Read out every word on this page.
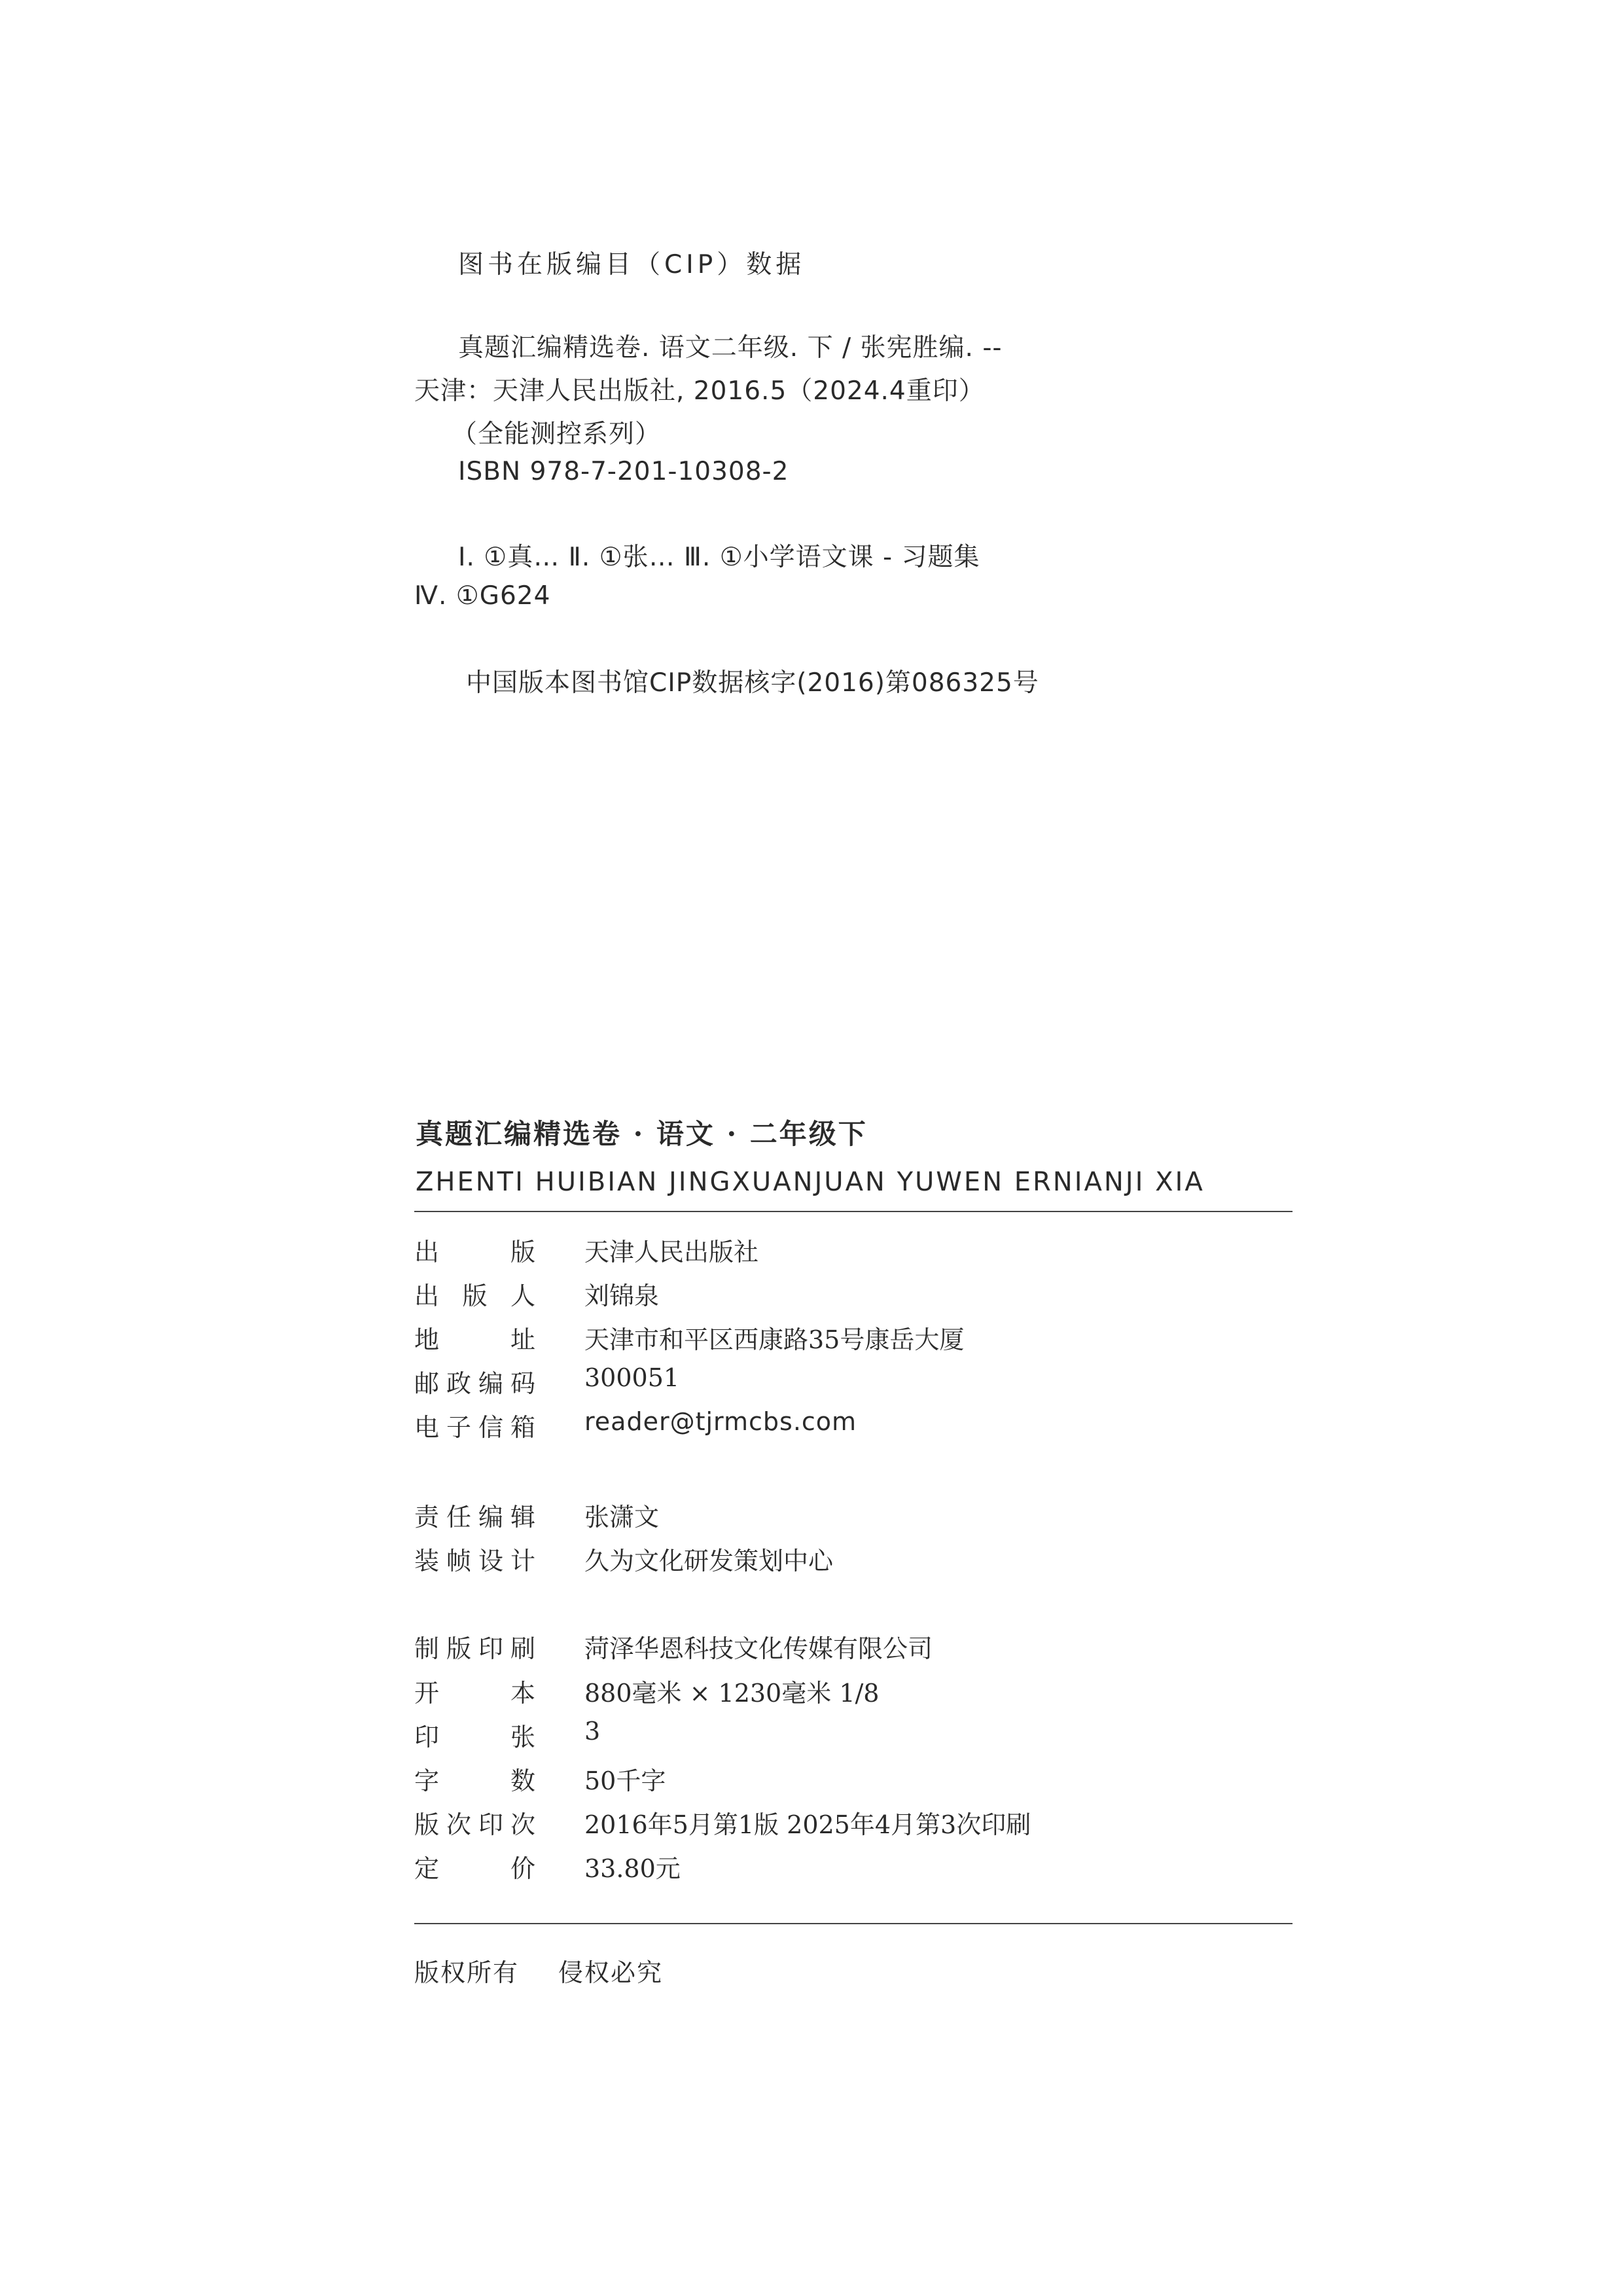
图书在版编目（CIP）数据
真题汇编精选卷. 语文二年级. 下 / 张宪胜编. --
天津：天津人民出版社, 2016.5（2024.4重印）
（全能测控系列）
ISBN 978-7-201-10308-2
Ⅰ. ①真… Ⅱ. ①张… Ⅲ. ①小学语文课 - 习题集
Ⅳ. ①G624
中国版本图书馆CIP数据核字(2016)第086325号
真题汇编精选卷 · 语文 · 二年级下
ZHENTI HUIBIAN JINGXUANJUAN YUWEN ERNIANJI XIA
出	版 天津人民出版社
出 版 人 刘锦泉
地	址 天津市和平区西康路35号康岳大厦
邮 政 编 码 300051
电 子 信 箱 reader@tjrmcbs.com
责 任 编 辑 张潇文
装 帧 设 计 久为文化研发策划中心
制 版 印 刷 菏泽华恩科技文化传媒有限公司
开	本 880毫米 × 1230毫米 1/8
印	张 3
字	数 50千字
版 次 印 次 2016年5月第1版 2025年4月第3次印刷
定	价 33.80元
版权所有 侵权必究
